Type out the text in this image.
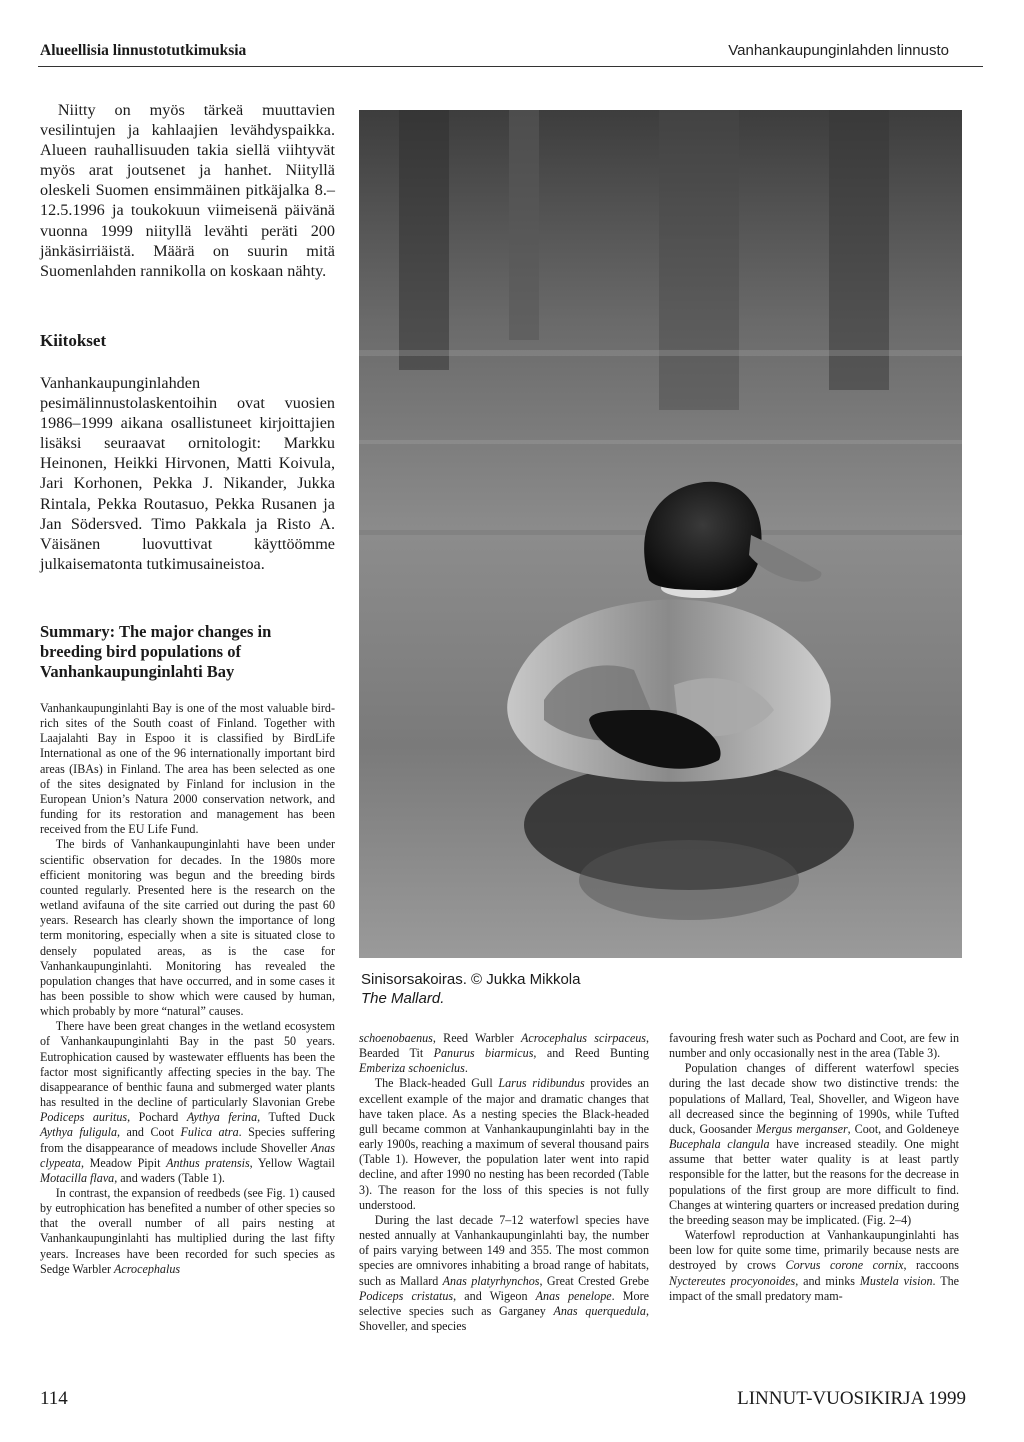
Alueellisia linnustotutkimuksia	Vanhankaupunginlahden linnusto

Niitty on myös tärkeä muuttavien vesilintujen ja kahlaajien levähdyspaikka. Alueen rauhallisuuden takia siellä viihtyvät myös arat joutsenet ja hanhet. Niityllä oleskeli Suomen ensimmäinen pitkäjalka 8.–12.5.1996 ja toukokuun viimeisenä päivänä vuonna 1999 niityllä levähti peräti 200 jänkäsirriäistä. Määrä on suurin mitä Suomenlahden rannikolla on koskaan nähty.

Kiitokset

Vanhankaupunginlahden pesimälinnustolaskentoihin ovat vuosien 1986–1999 aikana osallistuneet kirjoittajien lisäksi seuraavat ornitologit: Markku Heinonen, Heikki Hirvonen, Matti Koivula, Jari Korhonen, Pekka J. Nikander, Jukka Rintala, Pekka Routasuo, Pekka Rusanen ja Jan Södersved. Timo Pakkala ja Risto A. Väisänen luovuttivat käyttöömme julkaisematonta tutkimusaineistoa.

Summary: The major changes in
breeding bird populations of
Vanhankaupunginlahti Bay

Vanhankaupunginlahti Bay is one of the most valuable bird-rich sites of the South coast of Finland. Together with Laajalahti Bay in Espoo it is classified by BirdLife International as one of the 96 internationally important bird areas (IBAs) in Finland. The area has been selected as one of the sites designated by Finland for inclusion in the European Union’s Natura 2000 conservation network, and funding for its restoration and management has been received from the EU Life Fund.

The birds of Vanhankaupunginlahti have been under scientific observation for decades. In the 1980s more efficient monitoring was begun and the breeding birds counted regularly. Presented here is the research on the wetland avifauna of the site carried out during the past 60 years. Research has clearly shown the importance of long term monitoring, especially when a site is situated close to densely populated areas, as is the case for Vanhankaupunginlahti. Monitoring has revealed the population changes that have occurred, and in some cases it has been possible to show which were caused by human, which probably by more “natural” causes.

There have been great changes in the wetland ecosystem of Vanhankaupunginlahti Bay in the past 50 years. Eutrophication caused by wastewater effluents has been the factor most significantly affecting species in the bay. The disappearance of benthic fauna and submerged water plants has resulted in the decline of particularly Slavonian Grebe Podiceps auritus, Pochard Aythya ferina, Tufted Duck Aythya fuligula, and Coot Fulica atra. Species suffering from the disappearance of meadows include Shoveller Anas clypeata, Meadow Pipit Anthus pratensis, Yellow Wagtail Motacilla flava, and waders (Table 1).

In contrast, the expansion of reedbeds (see Fig. 1) caused by eutrophication has benefited a number of other species so that the overall number of all pairs nesting at Vanhankaupunginlahti has multiplied during the last fifty years. Increases have been recorded for such species as Sedge Warbler Acrocephalus

Sinisorsakoiras. © Jukka Mikkola
The Mallard.

schoenobaenus, Reed Warbler Acrocephalus scirpaceus, Bearded Tit Panurus biarmicus, and Reed Bunting Emberiza schoeniclus.

The Black-headed Gull Larus ridibundus provides an excellent example of the major and dramatic changes that have taken place. As a nesting species the Black-headed gull became common at Vanhankaupunginlahti bay in the early 1900s, reaching a maximum of several thousand pairs (Table 1). However, the population later went into rapid decline, and after 1990 no nesting has been recorded (Table 3). The reason for the loss of this species is not fully understood.

During the last decade 7–12 waterfowl species have nested annually at Vanhankaupunginlahti bay, the number of pairs varying between 149 and 355. The most common species are omnivores inhabiting a broad range of habitats, such as Mallard Anas platyrhynchos, Great Crested Grebe Podiceps cristatus, and Wigeon Anas penelope. More selective species such as Garganey Anas querquedula, Shoveller, and species

favouring fresh water such as Pochard and Coot, are few in number and only occasionally nest in the area (Table 3).

Population changes of different waterfowl species during the last decade show two distinctive trends: the populations of Mallard, Teal, Shoveller, and Wigeon have all decreased since the beginning of 1990s, while Tufted duck, Goosander Mergus merganser, Coot, and Goldeneye Bucephala clangula have increased steadily. One might assume that better water quality is at least partly responsible for the latter, but the reasons for the decrease in populations of the first group are more difficult to find. Changes at wintering quarters or increased predation during the breeding season may be implicated. (Fig. 2–4)

Waterfowl reproduction at Vanhankaupunginlahti has been low for quite some time, primarily because nests are destroyed by crows Corvus corone cornix, raccoons Nyctereutes procyonoides, and minks Mustela vision. The impact of the small predatory mam-

114	LINNUT-VUOSIKIRJA 1999
